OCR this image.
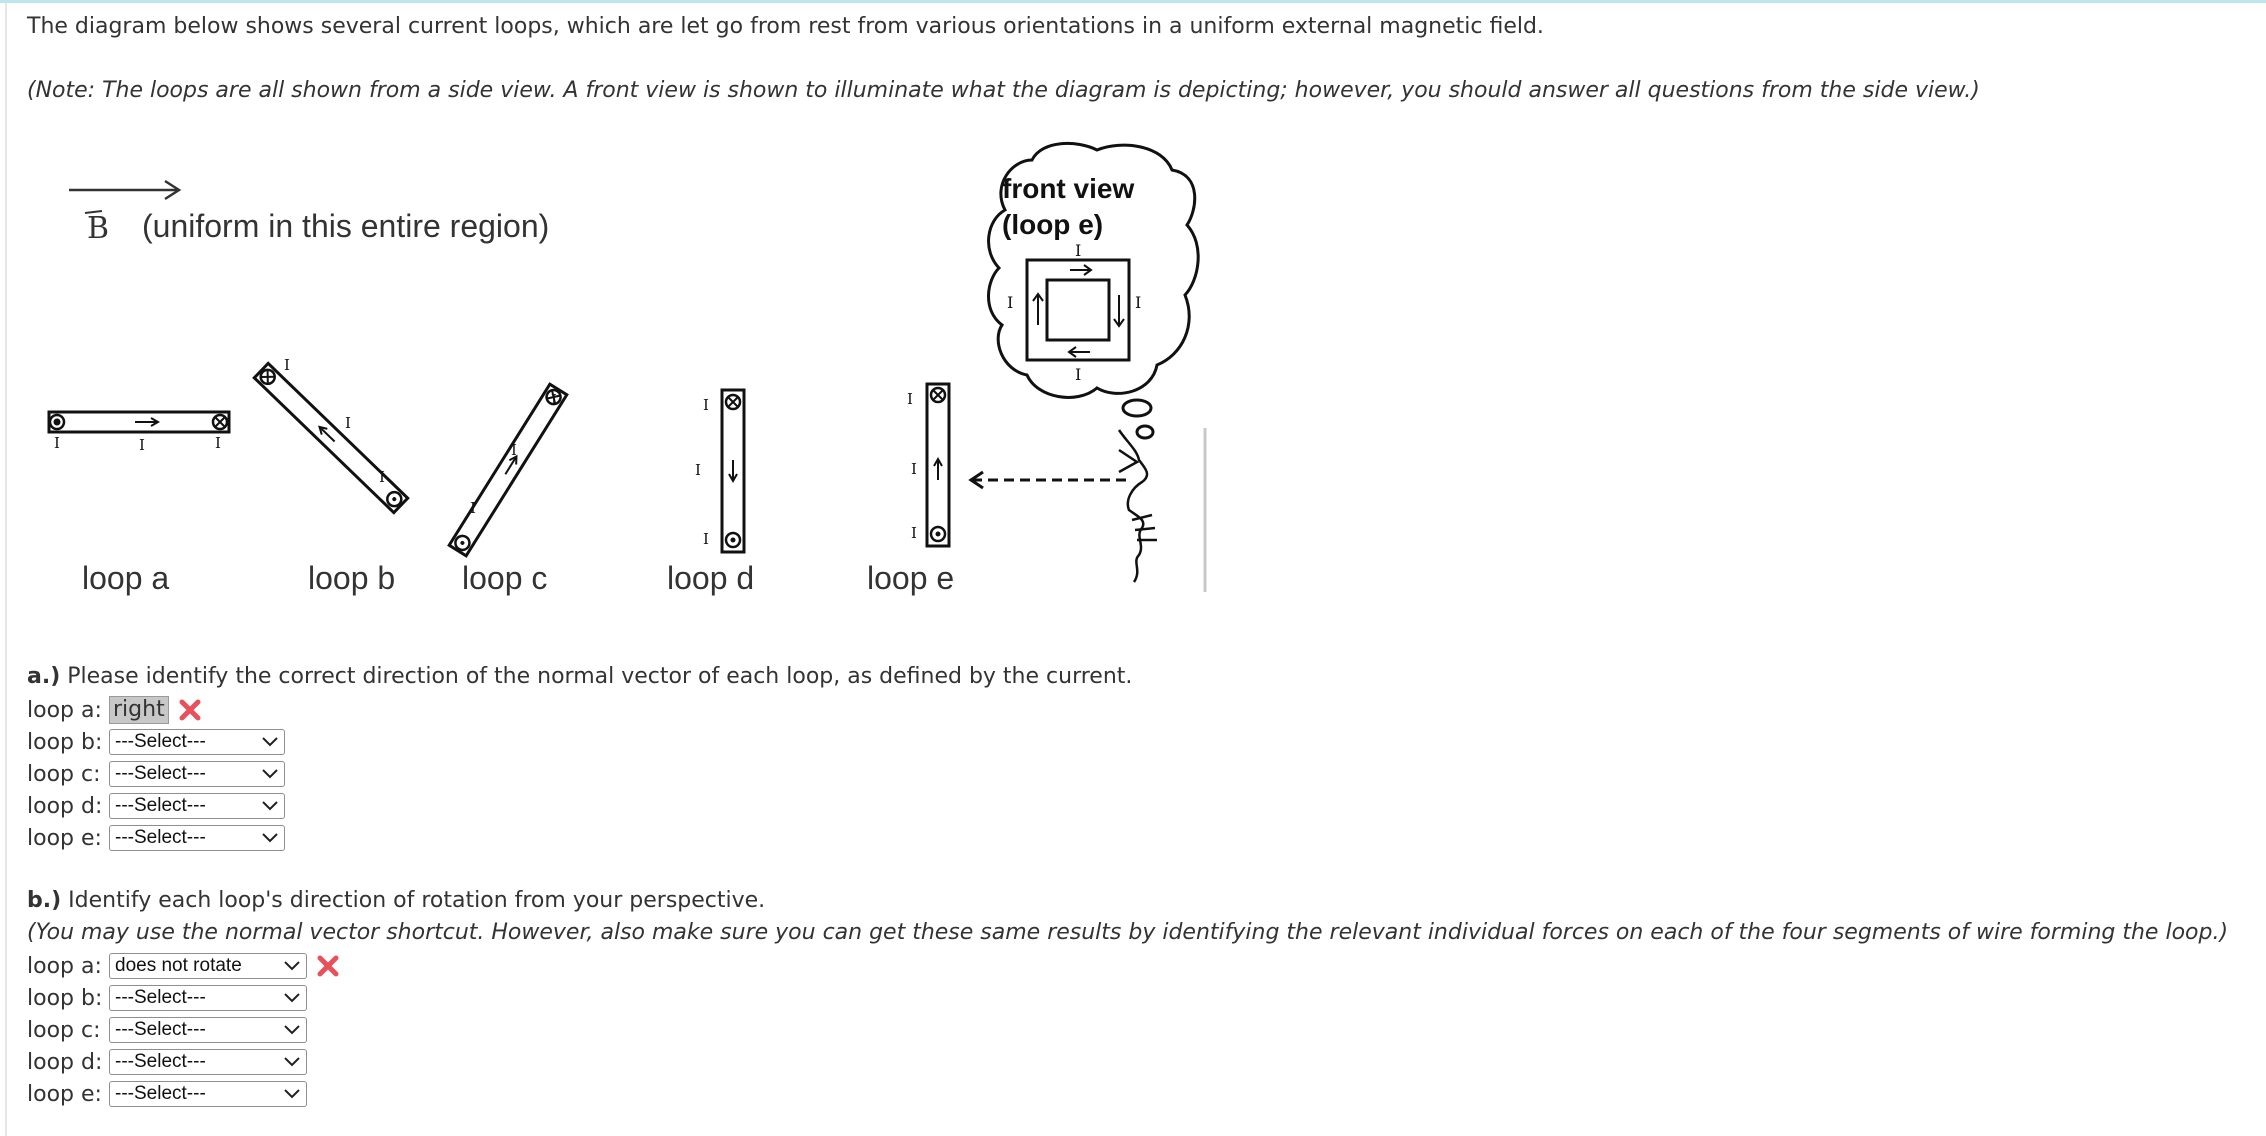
The diagram below shows several current loops, which are let go from rest from various orientations in a uniform external magnetic field.
(Note: The loops are all shown from a side view. A front view is shown to illuminate what the diagram is depicting; however, you should answer all questions from the side view.)
B (uniform in this entire region)
front view
(loop e)
I
I
I	I
I	I	I
I
I
I
I
I
I	I
I
I
I
I
I
loop a	loop b loop c	loop d	loop e
a.) Please identify the correct direction of the normal vector of each loop, as defined by the current.
loop a: right
loop b: ---Select---
loop c: ---Select---
loop d: ---Select---
loop e: ---Select---
b.) Identify each loop's direction of rotation from your perspective.
(You may use the normal vector shortcut. However, also make sure you can get these same results by identifying the relevant individual forces on each of the four segments of wire forming the loop.)
loop a: does not rotate
loop b: ---Select---
loop c: ---Select---
loop d: ---Select---
loop e: ---Select---
